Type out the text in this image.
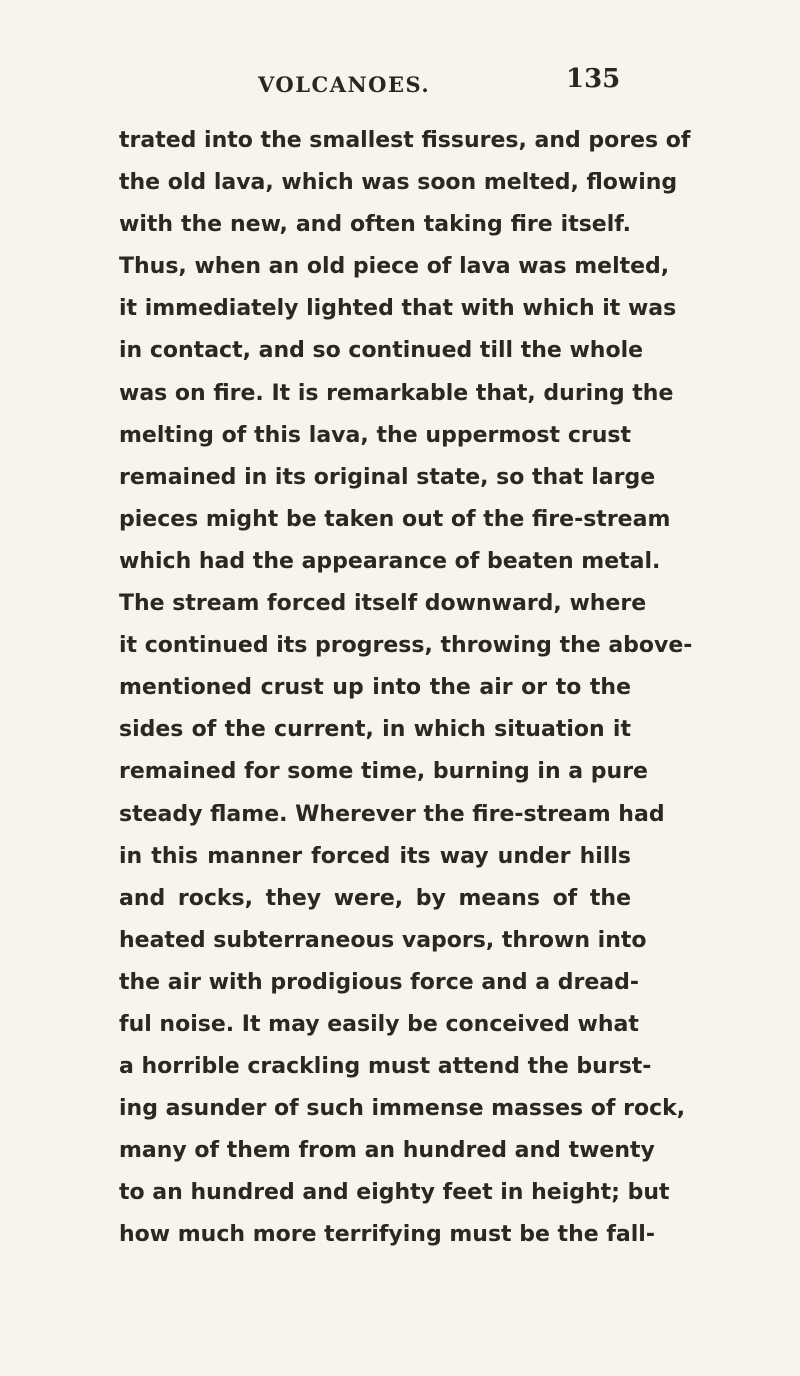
VOLCANOES.	135
trated into the smallest fissures, and pores of
the old lava, which was soon melted, flowing
with the new, and often taking fire itself.
Thus, when an old piece of lava was melted,
it immediately lighted that with which it was
in contact, and so continued till the whole
was on fire. It is remarkable that, during the
melting of this lava, the uppermost crust
remained in its original state, so that large
pieces might be taken out of the fire-stream
which had the appearance of beaten metal.
The stream forced itself downward, where
it continued its progress, throwing the above-
mentioned crust up into the air or to the
sides of the current, in which situation it
remained for some time, burning in a pure
steady flame. Wherever the fire-stream had
in this manner forced its way under hills
and rocks, they were, by means of the
heated subterraneous vapors, thrown into
the air with prodigious force and a dread-
ful noise. It may easily be conceived what
a horrible crackling must attend the burst-
ing asunder of such immense masses of rock,
many of them from an hundred and twenty
to an hundred and eighty feet in height; but
how much more terrifying must be the fall-
